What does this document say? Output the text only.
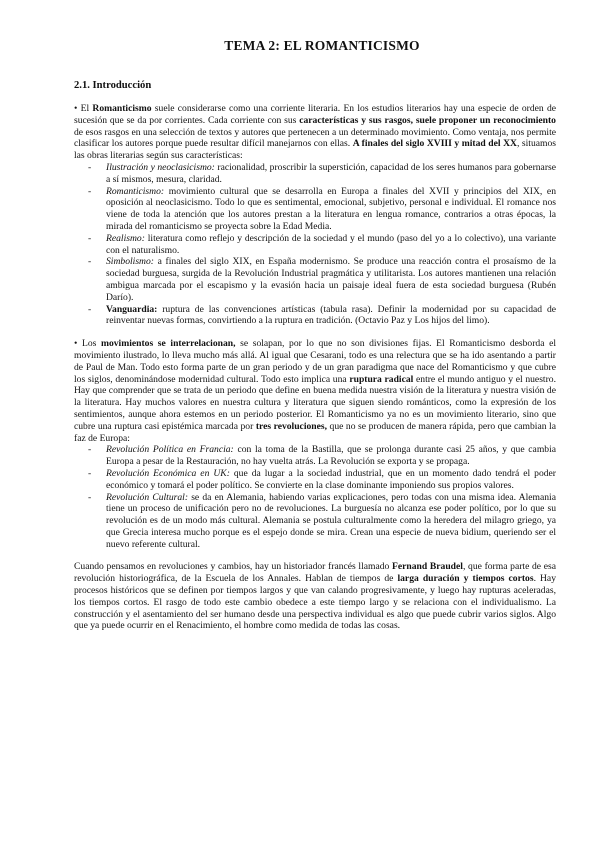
TEMA 2: EL ROMANTICISMO
2.1. Introducción

• El Romanticismo suele considerarse como una corriente literaria. En los estudios literarios hay una especie de orden de sucesión que se da por corrientes. Cada corriente con sus características y sus rasgos, suele proponer un reconocimiento de esos rasgos en una selección de textos y autores que pertenecen a un determinado movimiento. Como ventaja, nos permite clasificar los autores porque puede resultar difícil manejarnos con ellas. A finales del siglo XVIII y mitad del XX, situamos las obras literarias según sus características:

- Ilustración y neoclasicismo: racionalidad, proscribir la superstición, capacidad de los seres humanos para gobernarse a sí mismos, mesura, claridad.
- Romanticismo: movimiento cultural que se desarrolla en Europa a finales del XVII y principios del XIX, en oposición al neoclasicismo. Todo lo que es sentimental, emocional, subjetivo, personal e individual. El romance nos viene de toda la atención que los autores prestan a la literatura en lengua romance, contrarios a otras épocas, la mirada del romanticismo se proyecta sobre la Edad Media.
- Realismo: literatura como reflejo y descripción de la sociedad y el mundo (paso del yo a lo colectivo), una variante con el naturalismo.
- Simbolismo: a finales del siglo XIX, en España modernismo. Se produce una reacción contra el prosaísmo de la sociedad burguesa, surgida de la Revolución Industrial pragmática y utilitarista. Los autores mantienen una relación ambigua marcada por el escapismo y la evasión hacia un paisaje ideal fuera de esta sociedad burguesa (Rubén Darío).
- Vanguardia: ruptura de las convenciones artísticas (tabula rasa). Definir la modernidad por su capacidad de reinventar nuevas formas, convirtiendo a la ruptura en tradición. (Octavio Paz y Los hijos del limo).

• Los movimientos se interrelacionan, se solapan, por lo que no son divisiones fijas. El Romanticismo desborda el movimiento ilustrado, lo lleva mucho más allá. Al igual que Cesarani, todo es una relectura que se ha ido asentando a partir de Paul de Man. Todo esto forma parte de un gran periodo y de un gran paradigma que nace del Romanticismo y que cubre los siglos, denominándose modernidad cultural. Todo esto implica una ruptura radical entre el mundo antiguo y el nuestro. Hay que comprender que se trata de un periodo que define en buena medida nuestra visión de la literatura y nuestra visión de la literatura. Hay muchos valores en nuestra cultura y literatura que siguen siendo románticos, como la expresión de los sentimientos, aunque ahora estemos en un periodo posterior. El Romanticismo ya no es un movimiento literario, sino que cubre una ruptura casi epistémica marcada por tres revoluciones, que no se producen de manera rápida, pero que cambian la faz de Europa:

- Revolución Política en Francia: con la toma de la Bastilla, que se prolonga durante casi 25 años, y que cambia Europa a pesar de la Restauración, no hay vuelta atrás. La Revolución se exporta y se propaga.
- Revolución Económica en UK: que da lugar a la sociedad industrial, que en un momento dado tendrá el poder económico y tomará el poder político. Se convierte en la clase dominante imponiendo sus propios valores.
- Revolución Cultural: se da en Alemania, habiendo varias explicaciones, pero todas con una misma idea. Alemania tiene un proceso de unificación pero no de revoluciones. La burguesía no alcanza ese poder político, por lo que su revolución es de un modo más cultural. Alemania se postula culturalmente como la heredera del milagro griego, ya que Grecia interesa mucho porque es el espejo donde se mira. Crean una especie de nueva bidium, queriendo ser el nuevo referente cultural.

Cuando pensamos en revoluciones y cambios, hay un historiador francés llamado Fernand Braudel, que forma parte de esa revolución historiográfica, de la Escuela de los Annales. Hablan de tiempos de larga duración y tiempos cortos. Hay procesos históricos que se definen por tiempos largos y que van calando progresivamente, y luego hay rupturas aceleradas, los tiempos cortos. El rasgo de todo este cambio obedece a este tiempo largo y se relaciona con el individualismo. La construcción y el asentamiento del ser humano desde una perspectiva individual es algo que puede cubrir varios siglos. Algo que ya puede ocurrir en el Renacimiento, el hombre como medida de todas las cosas.
